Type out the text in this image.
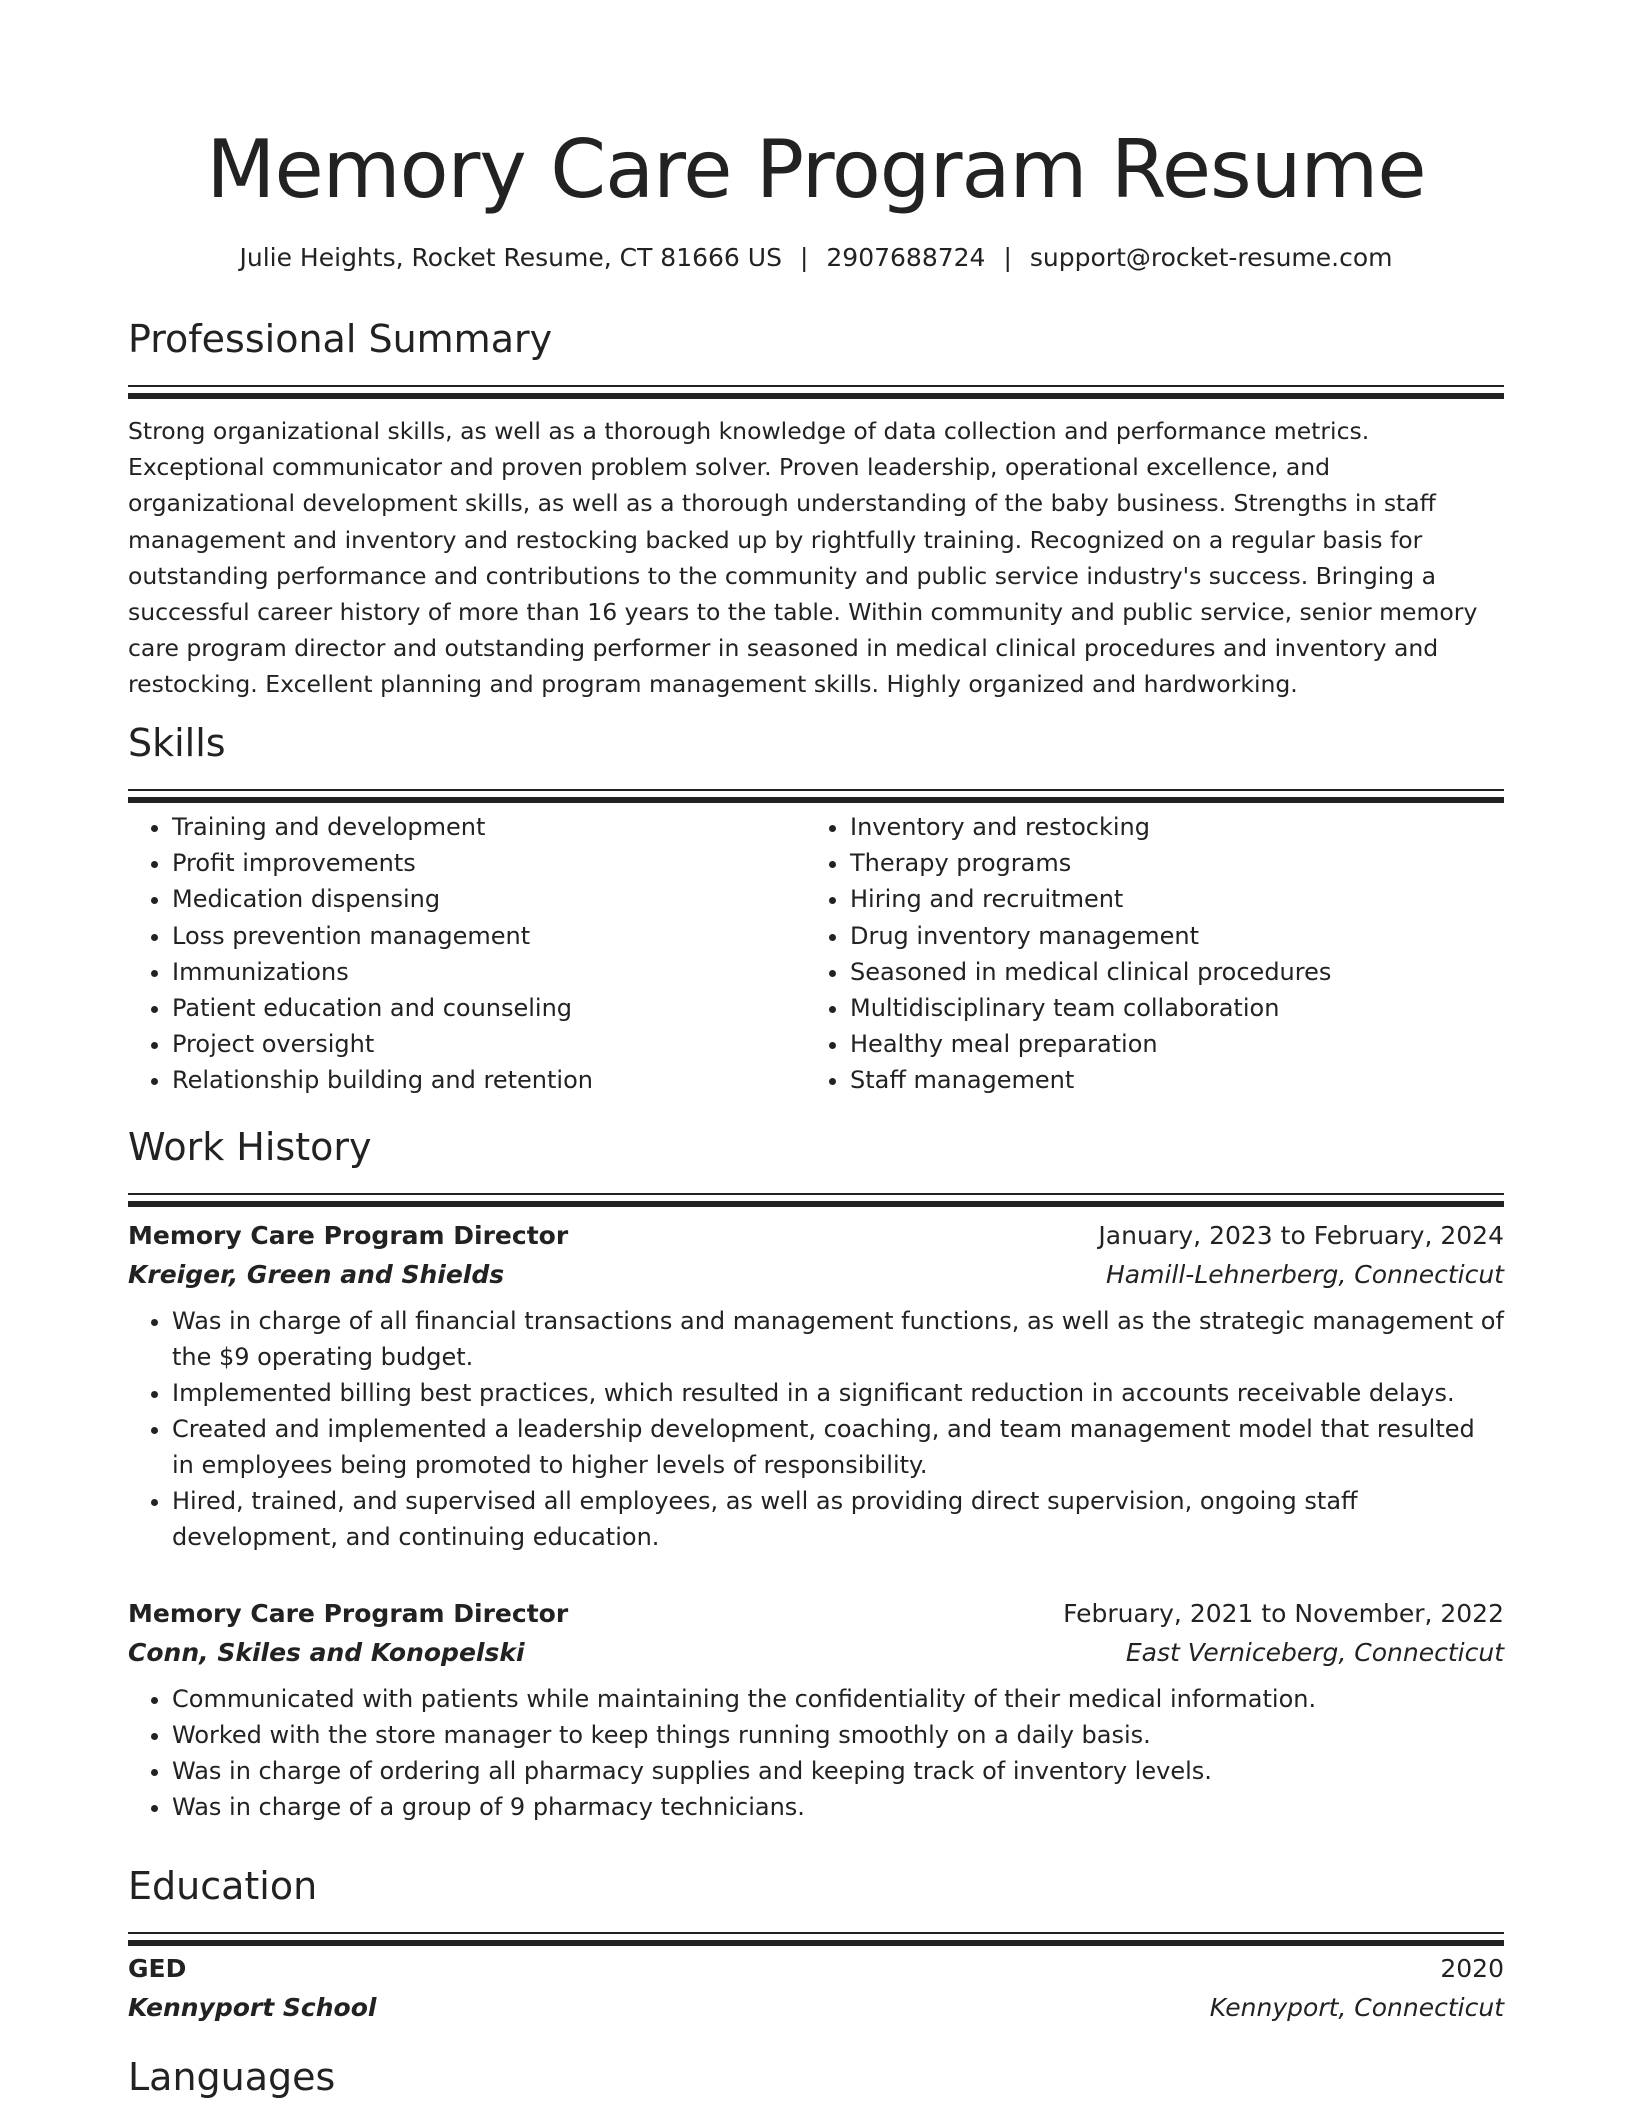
Memory Care Program Resume
Julie Heights, Rocket Resume, CT 81666 US | 2907688724 | support@rocket-resume.com
Professional Summary

Strong organizational skills, as well as a thorough knowledge of data collection and performance metrics. Exceptional communicator and proven problem solver. Proven leadership, operational excellence, and organizational development skills, as well as a thorough understanding of the baby business. Strengths in staff management and inventory and restocking backed up by rightfully training. Recognized on a regular basis for outstanding performance and contributions to the community and public service industry's success. Bringing a successful career history of more than 16 years to the table. Within community and public service, senior memory care program director and outstanding performer in seasoned in medical clinical procedures and inventory and restocking. Excellent planning and program management skills. Highly organized and hardworking.

Skills
• Training and development
• Profit improvements
• Medication dispensing
• Loss prevention management
• Immunizations
• Patient education and counseling
• Project oversight
• Relationship building and retention
• Inventory and restocking
• Therapy programs
• Hiring and recruitment
• Drug inventory management
• Seasoned in medical clinical procedures
• Multidisciplinary team collaboration
• Healthy meal preparation
• Staff management
Work History
Memory Care Program Director	January, 2023 to February, 2024
Kreiger, Green and Shields	Hamill-Lehnerberg, Connecticut
• Was in charge of all financial transactions and management functions, as well as the strategic management of the $9 operating budget.
• Implemented billing best practices, which resulted in a significant reduction in accounts receivable delays.
• Created and implemented a leadership development, coaching, and team management model that resulted in employees being promoted to higher levels of responsibility.
• Hired, trained, and supervised all employees, as well as providing direct supervision, ongoing staff development, and continuing education.
Memory Care Program Director	February, 2021 to November, 2022
Conn, Skiles and Konopelski	East Verniceberg, Connecticut
• Communicated with patients while maintaining the confidentiality of their medical information.
• Worked with the store manager to keep things running smoothly on a daily basis.
• Was in charge of ordering all pharmacy supplies and keeping track of inventory levels.
• Was in charge of a group of 9 pharmacy technicians.
Education
GED	2020
Kennyport School	Kennyport, Connecticut
Languages
